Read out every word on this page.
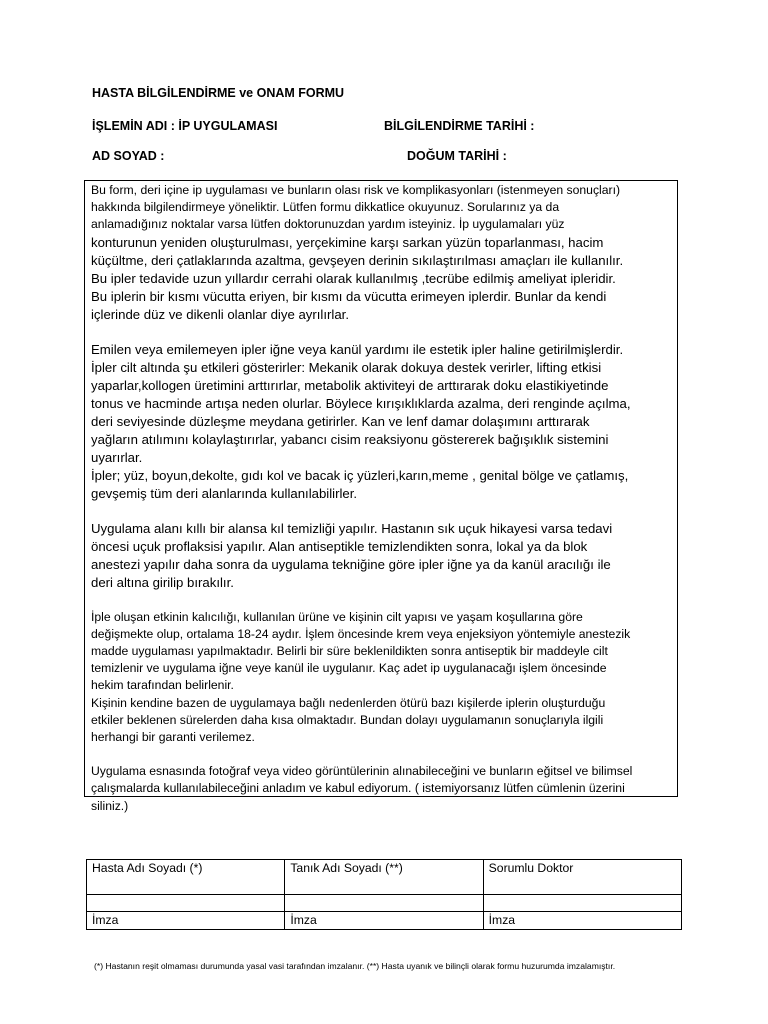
HASTA BİLGİLENDİRME ve ONAM FORMU
İŞLEMİN ADI : İP UYGULAMASI	BİLGİLENDİRME TARİHİ :
AD SOYAD :	DOĞUM TARİHİ :

Bu form, deri içine ip uygulaması ve bunların olası risk ve komplikasyonları (istenmeyen sonuçları)
hakkında bilgilendirmeye yöneliktir. Lütfen formu dikkatlice okuyunuz. Sorularınız ya da
anlamadığınız noktalar varsa lütfen doktorunuzdan yardım isteyiniz. İp uygulamaları yüz

konturunun yeniden oluşturulması, yerçekimine karşı sarkan yüzün toparlanması, hacim
küçültme, deri çatlaklarında azaltma, gevşeyen derinin sıkılaştırılması amaçları ile kullanılır.
Bu ipler tedavide uzun yıllardır cerrahi olarak kullanılmış ,tecrübe edilmiş ameliyat ipleridir.
Bu iplerin bir kısmı vücutta eriyen, bir kısmı da vücutta erimeyen iplerdir. Bunlar da kendi
içlerinde düz ve dikenli olanlar diye ayrılırlar.

Emilen veya emilemeyen ipler iğne veya kanül yardımı ile estetik ipler haline getirilmişlerdir.
İpler cilt altında şu etkileri gösterirler: Mekanik olarak dokuya destek verirler, lifting etkisi
yaparlar,kollogen üretimini arttırırlar, metabolik aktiviteyi de arttırarak doku elastikiyetinde
tonus ve hacminde artışa neden olurlar. Böylece kırışıklıklarda azalma, deri renginde açılma,
deri seviyesinde düzleşme meydana getirirler. Kan ve lenf damar dolaşımını arttırarak
yağların atılımını kolaylaştırırlar, yabancı cisim reaksiyonu göstererek bağışıklık sistemini
uyarırlar.
İpler; yüz, boyun,dekolte, gıdı kol ve bacak iç yüzleri,karın,meme , genital bölge ve çatlamış,
gevşemiş tüm deri alanlarında kullanılabilirler.

Uygulama alanı kıllı bir alansa kıl temizliği yapılır. Hastanın sık uçuk hikayesi varsa tedavi
öncesi uçuk proflaksisi yapılır. Alan antiseptikle temizlendikten sonra, lokal ya da blok
anestezi yapılır daha sonra da uygulama tekniğine göre ipler iğne ya da kanül aracılığı ile
deri altına girilip bırakılır.

İple oluşan etkinin kalıcılığı, kullanılan ürüne ve kişinin cilt yapısı ve yaşam koşullarına göre
değişmekte olup, ortalama 18-24 aydır. İşlem öncesinde krem veya enjeksiyon yöntemiyle anestezik
madde uygulaması yapılmaktadır. Belirli bir süre beklenildikten sonra antiseptik bir maddeyle cilt
temizlenir ve uygulama iğne veye kanül ile uygulanır. Kaç adet ip uygulanacağı işlem öncesinde
hekim tarafından belirlenir.
Kişinin kendine bazen de uygulamaya bağlı nedenlerden ötürü bazı kişilerde iplerin oluşturduğu
etkiler beklenen sürelerden daha kısa olmaktadır. Bundan dolayı uygulamanın sonuçlarıyla ilgili
herhangi bir garanti verilemez.

Uygulama esnasında fotoğraf veya video görüntülerinin alınabileceğini ve bunların eğitsel ve bilimsel
çalışmalarda kullanılabileceğini anladım ve kabul ediyorum. ( istemiyorsanız lütfen cümlenin üzerini
siliniz.)

Hasta Adı Soyadı (*)	Tanık Adı Soyadı (**)	Sorumlu Doktor

İmza	İmza	İmza
(*) Hastanın reşit olmaması durumunda yasal vasi tarafından imzalanır. (**) Hasta uyanık ve bilinçli olarak formu huzurumda imzalamıştır.
